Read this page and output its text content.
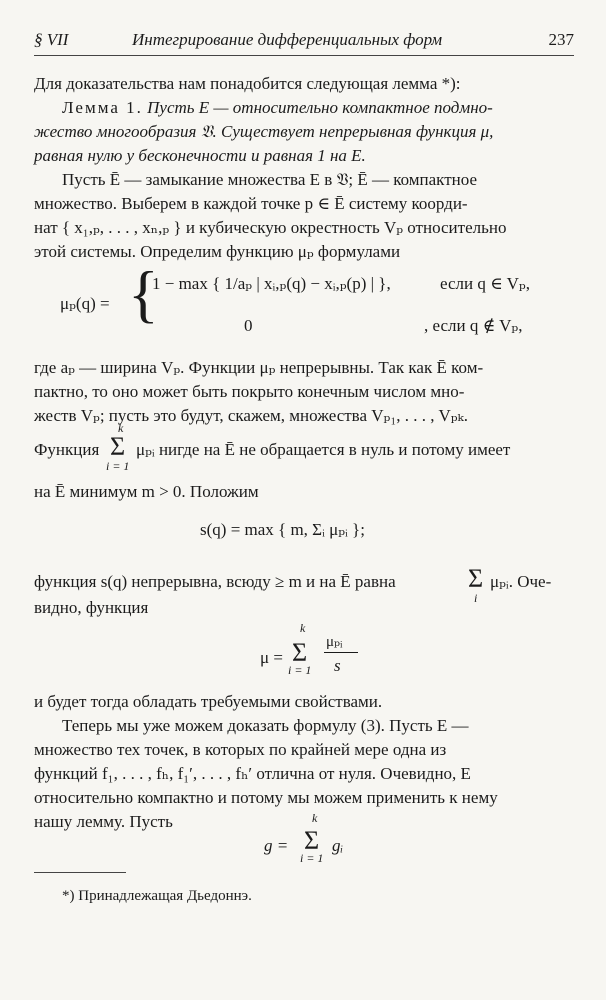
§ VII	Интегрирование дифференциальных форм	237
Для доказательства нам понадобится следующая лемма *):
Лемма 1. Пусть E — относительно компактное подмно-
жество многообразия 𝔙. Существует непрерывная функция μ,
равная нулю у бесконечности и равная 1 на E.
Пусть Ē — замыкание множества E в 𝔙; Ē — компактное
множество. Выберем в каждой точке p ∈ Ē систему коорди-
нат { x₁,ₚ, . . . , xₙ,ₚ } и кубическую окрестность Vₚ относительно
этой системы. Определим функцию μₚ формулами
μₚ(q) = {
1 − max { 1/aₚ | xᵢ,ₚ(q) − xᵢ,ₚ(p) | },	если q ∈ Vₚ,
0	, если q ∉ Vₚ,
где aₚ — ширина Vₚ. Функции μₚ непрерывны. Так как Ē ком-
пактно, то оно может быть покрыто конечным числом мно-
жеств Vₚ; пусть это будут, скажем, множества Vₚ₁, . . . , Vₚₖ.
Функция
k
Σ
i = 1
μₚᵢ нигде на Ē не обращается в нуль и потому имеет
на Ē минимум m > 0. Положим
s(q) = max { m, Σᵢ μₚᵢ };
функция s(q) непрерывна, всюду ≥ m и на Ē равна	Σ
i
μₚᵢ. Оче-
видно, функция
μ =
k
Σ
i = 1
μₚᵢ
s
и будет тогда обладать требуемыми свойствами.
Теперь мы уже можем доказать формулу (3). Пусть E —
множество тех точек, в которых по крайней мере одна из
функций f₁, . . . , fₕ, f₁′, . . . , fₕ′ отлична от нуля. Очевидно, E
относительно компактно и потому мы можем применить к нему
нашу лемму. Пусть
g =
k
Σ
i = 1
gᵢ
*) Принадлежащая Дьедоннэ.
